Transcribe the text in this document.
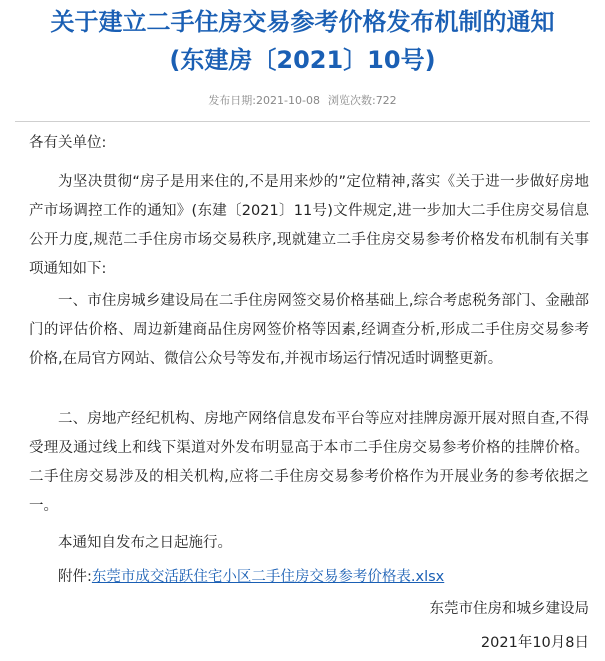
关于建立二手住房交易参考价格发布机制的通知
(东建房〔2021〕10号)
发布日期:2021-10-08 浏览次数:722

各有关单位:

为坚决贯彻“房子是用来住的,不是用来炒的”定位精神,落实《关于进一步做好房地产市场调控工作的通知》(东建〔2021〕11号)文件规定,进一步加大二手住房交易信息公开力度,规范二手住房市场交易秩序,现就建立二手住房交易参考价格发布机制有关事项通知如下:

一、市住房城乡建设局在二手住房网签交易价格基础上,综合考虑税务部门、金融部门的评估价格、周边新建商品住房网签价格等因素,经调查分析,形成二手住房交易参考价格,在局官方网站、微信公众号等发布,并视市场运行情况适时调整更新。

二、房地产经纪机构、房地产网络信息发布平台等应对挂牌房源开展对照自查,不得受理及通过线上和线下渠道对外发布明显高于本市二手住房交易参考价格的挂牌价格。二手住房交易涉及的相关机构,应将二手住房交易参考价格作为开展业务的参考依据之一。

本通知自发布之日起施行。

附件:东莞市成交活跃住宅小区二手住房交易参考价格表.xlsx

东莞市住房和城乡建设局

2021年10月8日
